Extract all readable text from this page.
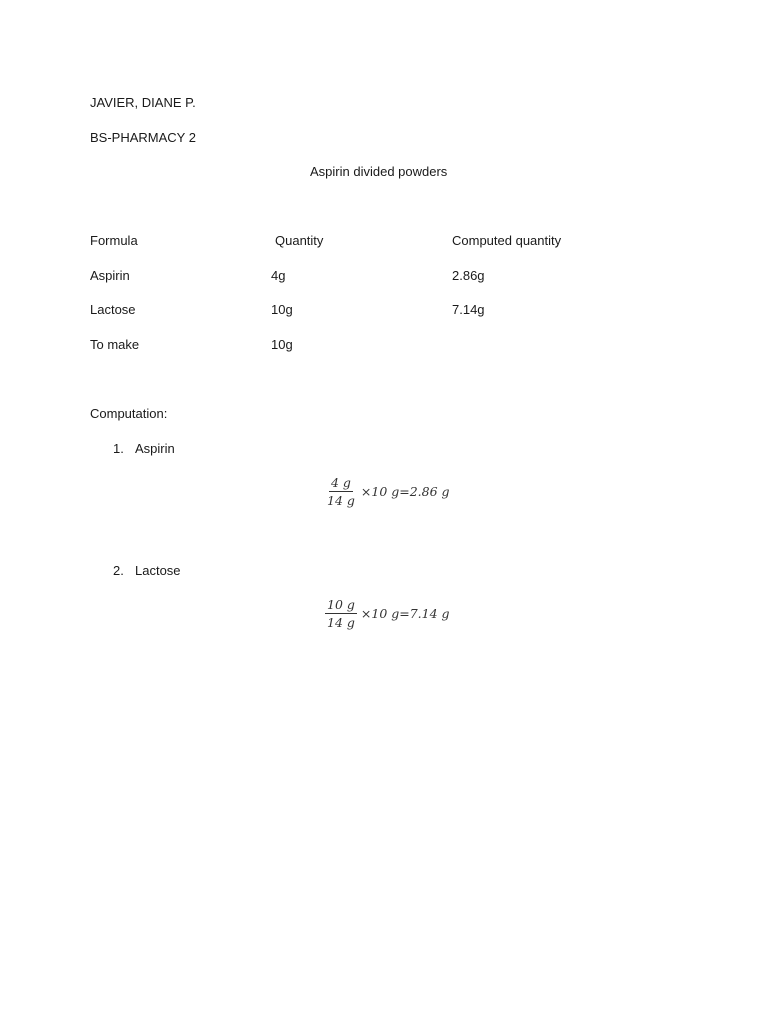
JAVIER, DIANE P.
BS-PHARMACY 2
Aspirin divided powders
Formula	Quantity	Computed quantity
Aspirin	4g	2.86g
Lactose	10g	7.14g
To make	10g
Computation:
1. Aspirin
$\frac{4 g}{14 g} \times 10$ g=2.86 g
2. Lactose
$\frac{10 g}{14 g} \times 10$ g=7.14 g
